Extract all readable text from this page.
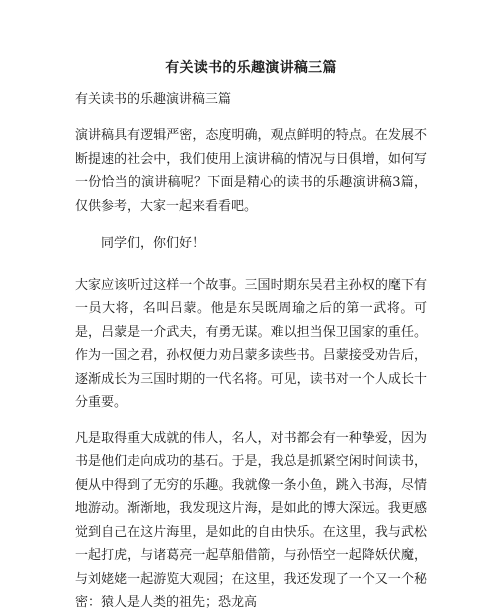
有关读书的乐趣演讲稿三篇
有关读书的乐趣演讲稿三篇

演讲稿具有逻辑严密，态度明确，观点鲜明的特点。在发展不断提速的社会中，我们使用上演讲稿的情况与日俱增，如何写一份恰当的演讲稿呢？下面是精心的读书的乐趣演讲稿3篇，仅供参考，大家一起来看看吧。

同学们，你们好！

大家应该听过这样一个故事。三国时期东吴君主孙权的麾下有一员大将，名叫吕蒙。他是东吴既周瑜之后的第一武将。可是，吕蒙是一介武夫，有勇无谋。难以担当保卫国家的重任。作为一国之君，孙权便力劝吕蒙多读些书。吕蒙接受劝告后，逐渐成长为三国时期的一代名将。可见，读书对一个人成长十分重要。

凡是取得重大成就的伟人，名人，对书都会有一种挚爱，因为书是他们走向成功的基石。于是，我总是抓紧空闲时间读书，便从中得到了无穷的乐趣。我就像一条小鱼，跳入书海，尽情地游动。渐渐地，我发现这片海，是如此的博大深远。我更感觉到自己在这片海里，是如此的自由快乐。在这里，我与武松一起打虎，与诸葛亮一起草船借箭，与孙悟空一起降妖伏魔，与刘姥姥一起游览大观园；在这里，我还发现了一个又一个秘密：猿人是人类的祖先；恐龙高
